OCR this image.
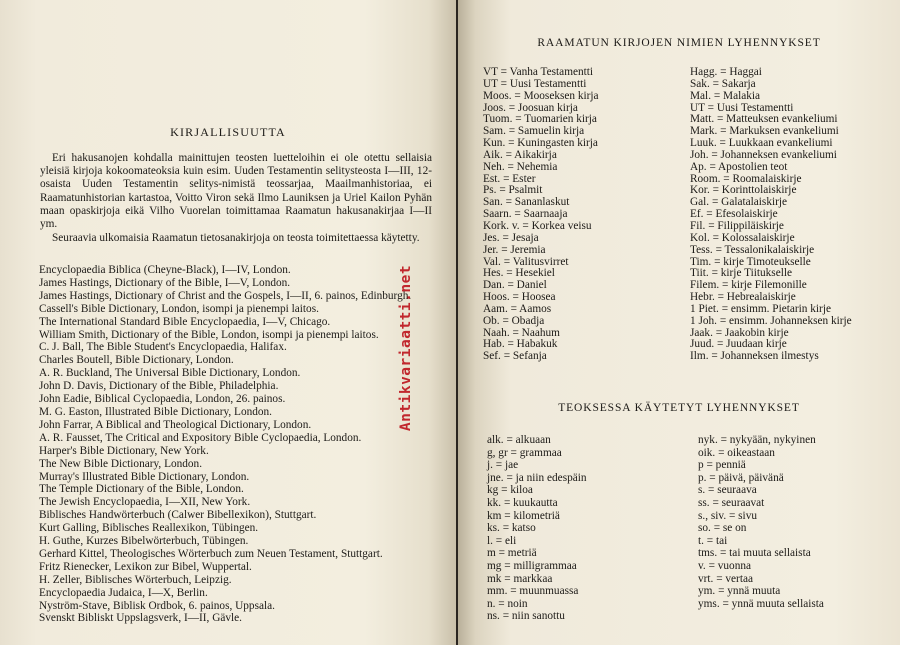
KIRJALLISUUTTA

Eri hakusanojen kohdalla mainittujen teosten luetteloihin ei ole otettu sellaisia yleisiä kirjoja kokoomateoksia kuin esim. Uuden Testamentin selitysteosta I—III, 12-osaista Uuden Testamentin selitys-nimistä teossarjaa, Maailmanhistoriaa, ei Raamatunhistorian kartastoa, Voitto Viron sekä Ilmo Launiksen ja Uriel Kailon Pyhän maan opaskirjoja eikä Vilho Vuorelan toimittamaa Raamatun hakusanakirjaa I—II ym.

Seuraavia ulkomaisia Raamatun tietosanakirjoja on teosta toimitettaessa käytetty.

Encyclopaedia Biblica (Cheyne-Black), I—IV, London.
James Hastings, Dictionary of the Bible, I—V, London.
James Hastings, Dictionary of Christ and the Gospels, I—II, 6. painos, Edinburgh.
Cassell's Bible Dictionary, London, isompi ja pienempi laitos.
The International Standard Bible Encyclopaedia, I—V, Chicago.
William Smith, Dictionary of the Bible, London, isompi ja pienempi laitos.
C. J. Ball, The Bible Student's Encyclopaedia, Halifax.
Charles Boutell, Bible Dictionary, London.
A. R. Buckland, The Universal Bible Dictionary, London.
John D. Davis, Dictionary of the Bible, Philadelphia.
John Eadie, Biblical Cyclopaedia, London, 26. painos.
M. G. Easton, Illustrated Bible Dictionary, London.
John Farrar, A Biblical and Theological Dictionary, London.
A. R. Fausset, The Critical and Expository Bible Cyclopaedia, London.
Harper's Bible Dictionary, New York.
The New Bible Dictionary, London.
Murray's Illustrated Bible Dictionary, London.
The Temple Dictionary of the Bible, London.
The Jewish Encyclopaedia, I—XII, New York.
Biblisches Handwörterbuch (Calwer Bibellexikon), Stuttgart.
Kurt Galling, Biblisches Reallexikon, Tübingen.
H. Guthe, Kurzes Bibelwörterbuch, Tübingen.
Gerhard Kittel, Theologisches Wörterbuch zum Neuen Testament, Stuttgart.
Fritz Rienecker, Lexikon zur Bibel, Wuppertal.
H. Zeller, Biblisches Wörterbuch, Leipzig.
Encyclopaedia Judaica, I—X, Berlin.
Nyström-Stave, Biblisk Ordbok, 6. painos, Uppsala.
Svenskt Bibliskt Uppslagsverk, I—II, Gävle.
Antikvariaatti.net
RAAMATUN KIRJOJEN NIMIEN LYHENNYKSET
VT = Vanha Testamentti
UT = Uusi Testamentti
Moos. = Mooseksen kirja
Joos. = Joosuan kirja
Tuom. = Tuomarien kirja
Sam. = Samuelin kirja
Kun. = Kuningasten kirja
Aik. = Aikakirja
Neh. = Nehemia
Est. = Ester
Ps. = Psalmit
San. = Sananlaskut
Saarn. = Saarnaaja
Kork. v. = Korkea veisu
Jes. = Jesaja
Jer. = Jeremia
Val. = Valitusvirret
Hes. = Hesekiel
Dan. = Daniel
Hoos. = Hoosea
Aam. = Aamos
Ob. = Obadja
Naah. = Naahum
Hab. = Habakuk
Sef. = Sefanja
Hagg. = Haggai
Sak. = Sakarja
Mal. = Malakia
UT = Uusi Testamentti
Matt. = Matteuksen evankeliumi
Mark. = Markuksen evankeliumi
Luuk. = Luukkaan evankeliumi
Joh. = Johanneksen evankeliumi
Ap. = Apostolien teot
Room. = Roomalaiskirje
Kor. = Korinttolaiskirje
Gal. = Galatalaiskirje
Ef. = Efesolaiskirje
Fil. = Filippiläiskirje
Kol. = Kolossalaiskirje
Tess. = Tessalonikalaiskirje
Tim. = kirje Timoteukselle
Tiit. = kirje Tiitukselle
Filem. = kirje Filemonille
Hebr. = Hebrealaiskirje
1 Piet. = ensimm. Pietarin kirje
1 Joh. = ensimm. Johanneksen kirje
Jaak. = Jaakobin kirje
Juud. = Juudaan kirje
Ilm. = Johanneksen ilmestys
TEOKSESSA KÄYTETYT LYHENNYKSET
alk. = alkuaan
g, gr = grammaa
j. = jae
jne. = ja niin edespäin
kg = kiloa
kk. = kuukautta
km = kilometriä
ks. = katso
l. = eli
m = metriä
mg = milligrammaa
mk = markkaa
mm. = muunmuassa
n. = noin
ns. = niin sanottu
nyk. = nykyään, nykyinen
oik. = oikeastaan
p = penniä
p. = päivä, päivänä
s. = seuraava
ss. = seuraavat
s., siv. = sivu
so. = se on
t. = tai
tms. = tai muuta sellaista
v. = vuonna
vrt. = vertaa
ym. = ynnä muuta
yms. = ynnä muuta sellaista
